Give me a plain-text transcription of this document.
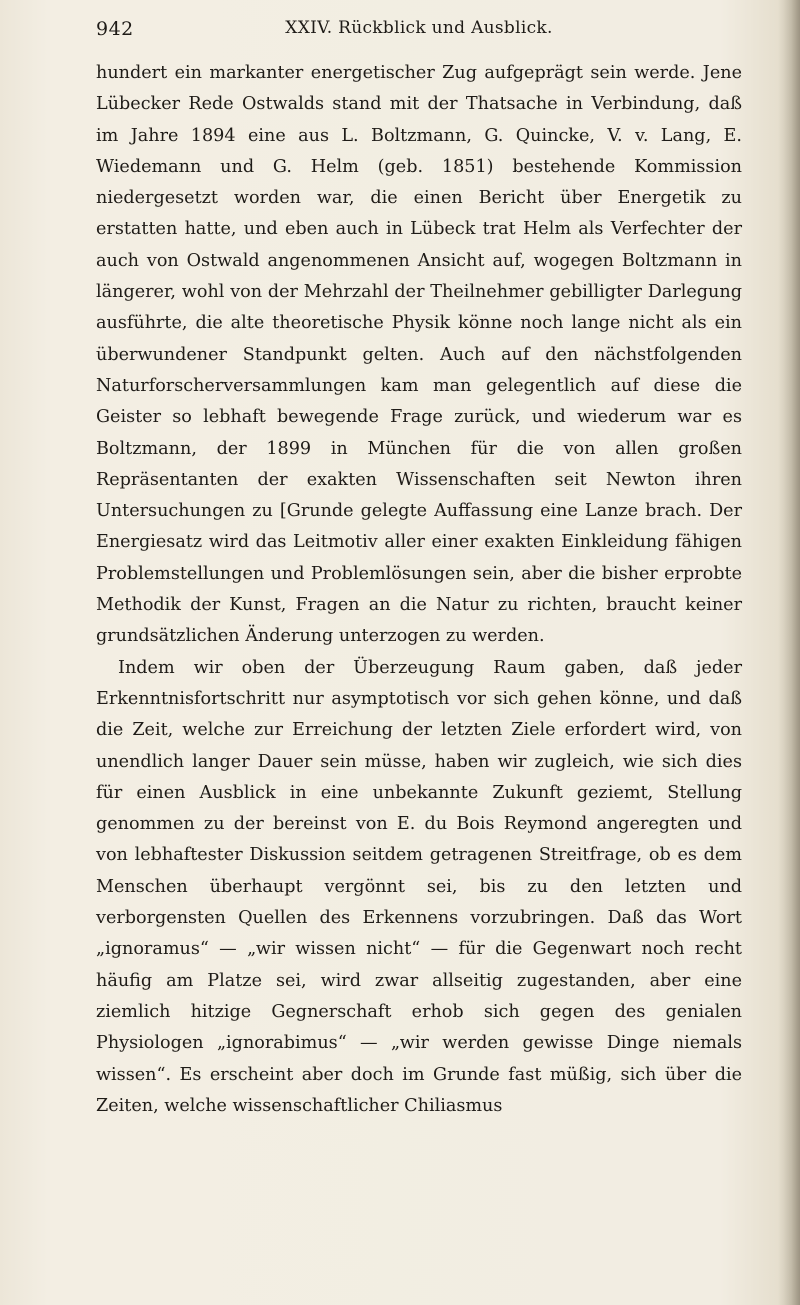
942	XXIV. Rückblick und Ausblick.

hundert ein markanter energetischer Zug aufgeprägt sein werde. Jene Lübecker Rede Ostwalds stand mit der Thatsache in Verbindung, daß im Jahre 1894 eine aus L. Boltzmann, G. Quincke, V. v. Lang, E. Wiedemann und G. Helm (geb. 1851) bestehende Kommission niedergesetzt worden war, die einen Bericht über Energetik zu erstatten hatte, und eben auch in Lübeck trat Helm als Verfechter der auch von Ostwald angenommenen Ansicht auf, wogegen Boltzmann in längerer, wohl von der Mehrzahl der Theilnehmer gebilligter Darlegung ausführte, die alte theoretische Physik könne noch lange nicht als ein überwundener Standpunkt gelten. Auch auf den nächstfolgenden Naturforscherversammlungen kam man gelegentlich auf diese die Geister so lebhaft bewegende Frage zurück, und wiederum war es Boltzmann, der 1899 in München für die von allen großen Repräsentanten der exakten Wissenschaften seit Newton ihren Untersuchungen zu [Grunde gelegte Auffassung eine Lanze brach. Der Energiesatz wird das Leitmotiv aller einer exakten Einkleidung fähigen Problemstellungen und Problemlösungen sein, aber die bisher erprobte Methodik der Kunst, Fragen an die Natur zu richten, braucht keiner grundsätzlichen Änderung unterzogen zu werden.

Indem wir oben der Überzeugung Raum gaben, daß jeder Erkenntnisfortschritt nur asymptotisch vor sich gehen könne, und daß die Zeit, welche zur Erreichung der letzten Ziele erfordert wird, von unendlich langer Dauer sein müsse, haben wir zugleich, wie sich dies für einen Ausblick in eine unbekannte Zukunft geziemt, Stellung genommen zu der bereinst von E. du Bois Reymond angeregten und von lebhaftester Diskussion seitdem getragenen Streitfrage, ob es dem Menschen überhaupt vergönnt sei, bis zu den letzten und verborgensten Quellen des Erkennens vorzubringen. Daß das Wort „ignoramus“ — „wir wissen nicht“ — für die Gegenwart noch recht häufig am Platze sei, wird zwar allseitig zugestanden, aber eine ziemlich hitzige Gegnerschaft erhob sich gegen des genialen Physiologen „ignorabimus“ — „wir werden gewisse Dinge niemals wissen“. Es erscheint aber doch im Grunde fast müßig, sich über die Zeiten, welche wissenschaftlicher Chiliasmus
